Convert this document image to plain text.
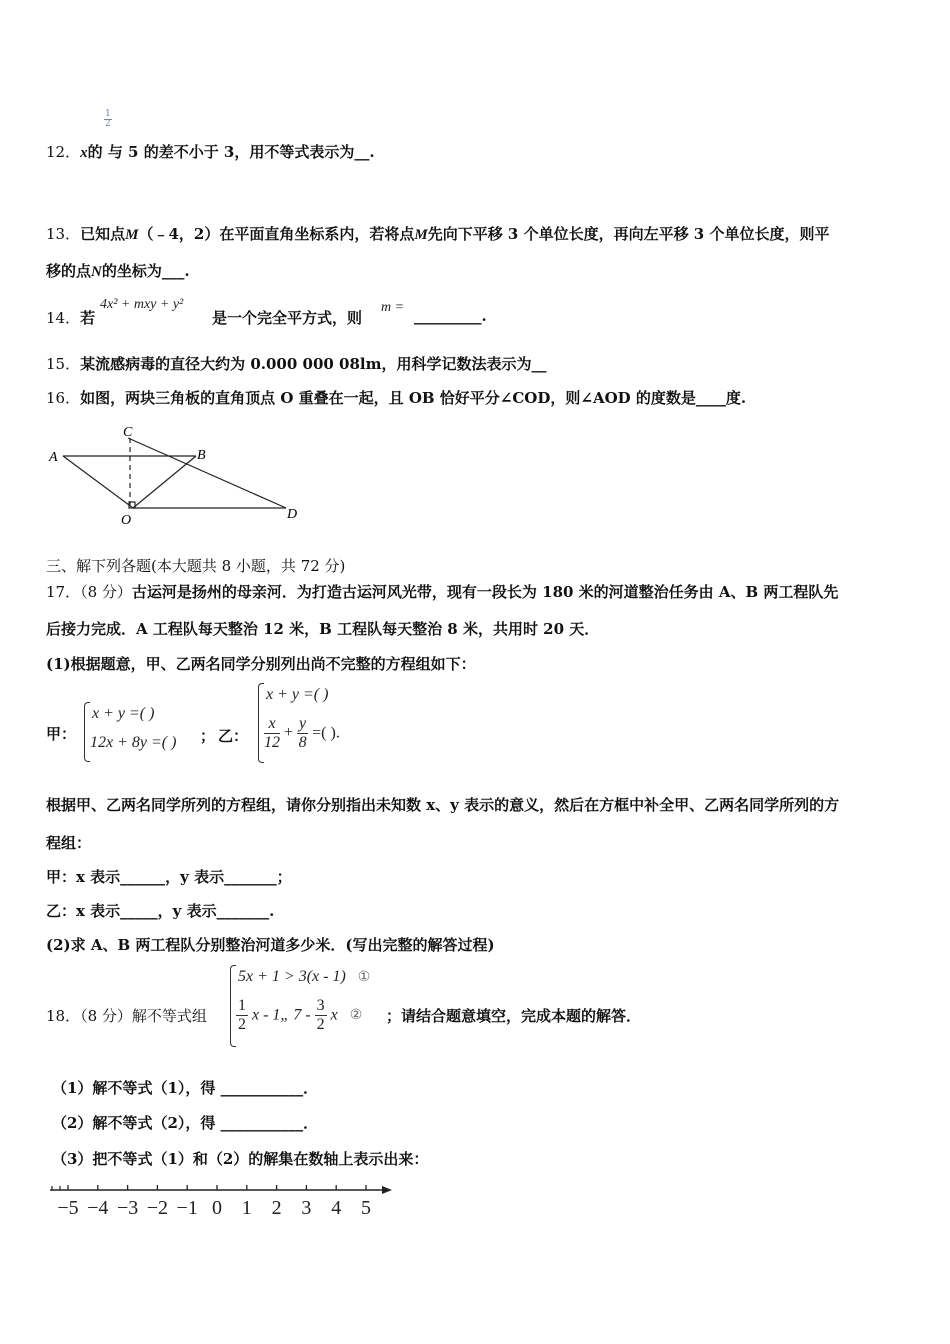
$\frac{1}{2}$
12．x的 与 5 的差不小于 3，用不等式表示为__.
13．已知点M（﹣4，2）在平面直角坐标系内，若将点M先向下平移 3 个单位长度，再向左平移 3 个单位长度，则平
移的点N的坐标为___.
14．若
4x² + mxy + y²
是一个完全平方式，则
m = _________.
15．某流感病毒的直径大约为 0.000 000 08lm，用科学记数法表示为__
16．如图，两块三角板的直角顶点 O 重叠在一起，且 OB 恰好平分∠COD，则∠AOD 的度数是____度.
A	B
C
D
O
三、解下列各题(本大题共 8 小题，共 72 分)
17．（8 分）古运河是扬州的母亲河．为打造古运河风光带，现有一段长为 180 米的河道整治任务由 A、B 两工程队先
后接力完成．A 工程队每天整治 12 米，B 工程队每天整治 8 米，共用时 20 天．
(1)根据题意，甲、乙两名同学分别列出尚不完整的方程组如下：
甲：
x + y =( )
12x + 8y =( ) ； 乙：
x + y =( )
$\frac{x}{12} + \frac{y}{8}$ =( ).
根据甲、乙两名同学所列的方程组，请你分别指出未知数 x、y 表示的意义，然后在方框中补全甲、乙两名同学所列的方
程组：
甲：x 表示______，y 表示_______；
乙：x 表示_____，y 表示_______.
(2)求 A、B 两工程队分别整治河道多少米．(写出完整的解答过程)
18．（8 分）解不等式组
5x + 1 > 3(x - 1) ①
$\frac{1}{2}$ x - 1„ $7 - \frac{3}{2}$ x ② ；请结合题意填空，完成本题的解答．
（1）解不等式（1），得 ___________．
（2）解不等式（2），得 ___________．
（3）把不等式（1）和（2）的解集在数轴上表示出来：
−5 −4 −3 −2 −1 0 1 2 3 4 5
